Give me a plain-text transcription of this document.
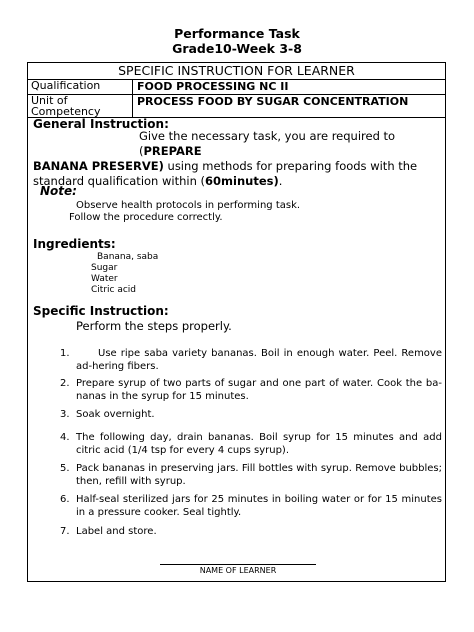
Performance Task
Grade10-Week 3-8
SPECIFIC INSTRUCTION FOR LEARNER
Qualification	FOOD PROCESSING NC II
Unit of
Competency
PROCESS FOOD BY SUGAR CONCENTRATION
General Instruction:
Give the necessary task, you are required to (PREPARE
BANANA PRESERVE) using methods for preparing foods with the
standard qualification within (60minutes).
Note:
Observe health protocols in performing task.
Follow the procedure correctly.
Ingredients:
Banana, saba
Sugar
Water
Citric acid
Specific Instruction:
Perform the steps properly.
1.	Use ripe saba variety bananas. Boil in enough water. Peel. Remove ad-hering fibers.
2. Prepare syrup of two parts of sugar and one part of water. Cook the ba-nanas in the syrup for 15 minutes.
3. Soak overnight.
4. The following day, drain bananas. Boil syrup for 15 minutes and add citric acid (1/4 tsp for every 4 cups syrup).
5. Pack bananas in preserving jars. Fill bottles with syrup. Remove bubbles; then, refill with syrup.
6. Half-seal sterilized jars for 25 minutes in boiling water or for 15 minutes in a pressure cooker. Seal tightly.
7. Label and store.
NAME OF LEARNER
